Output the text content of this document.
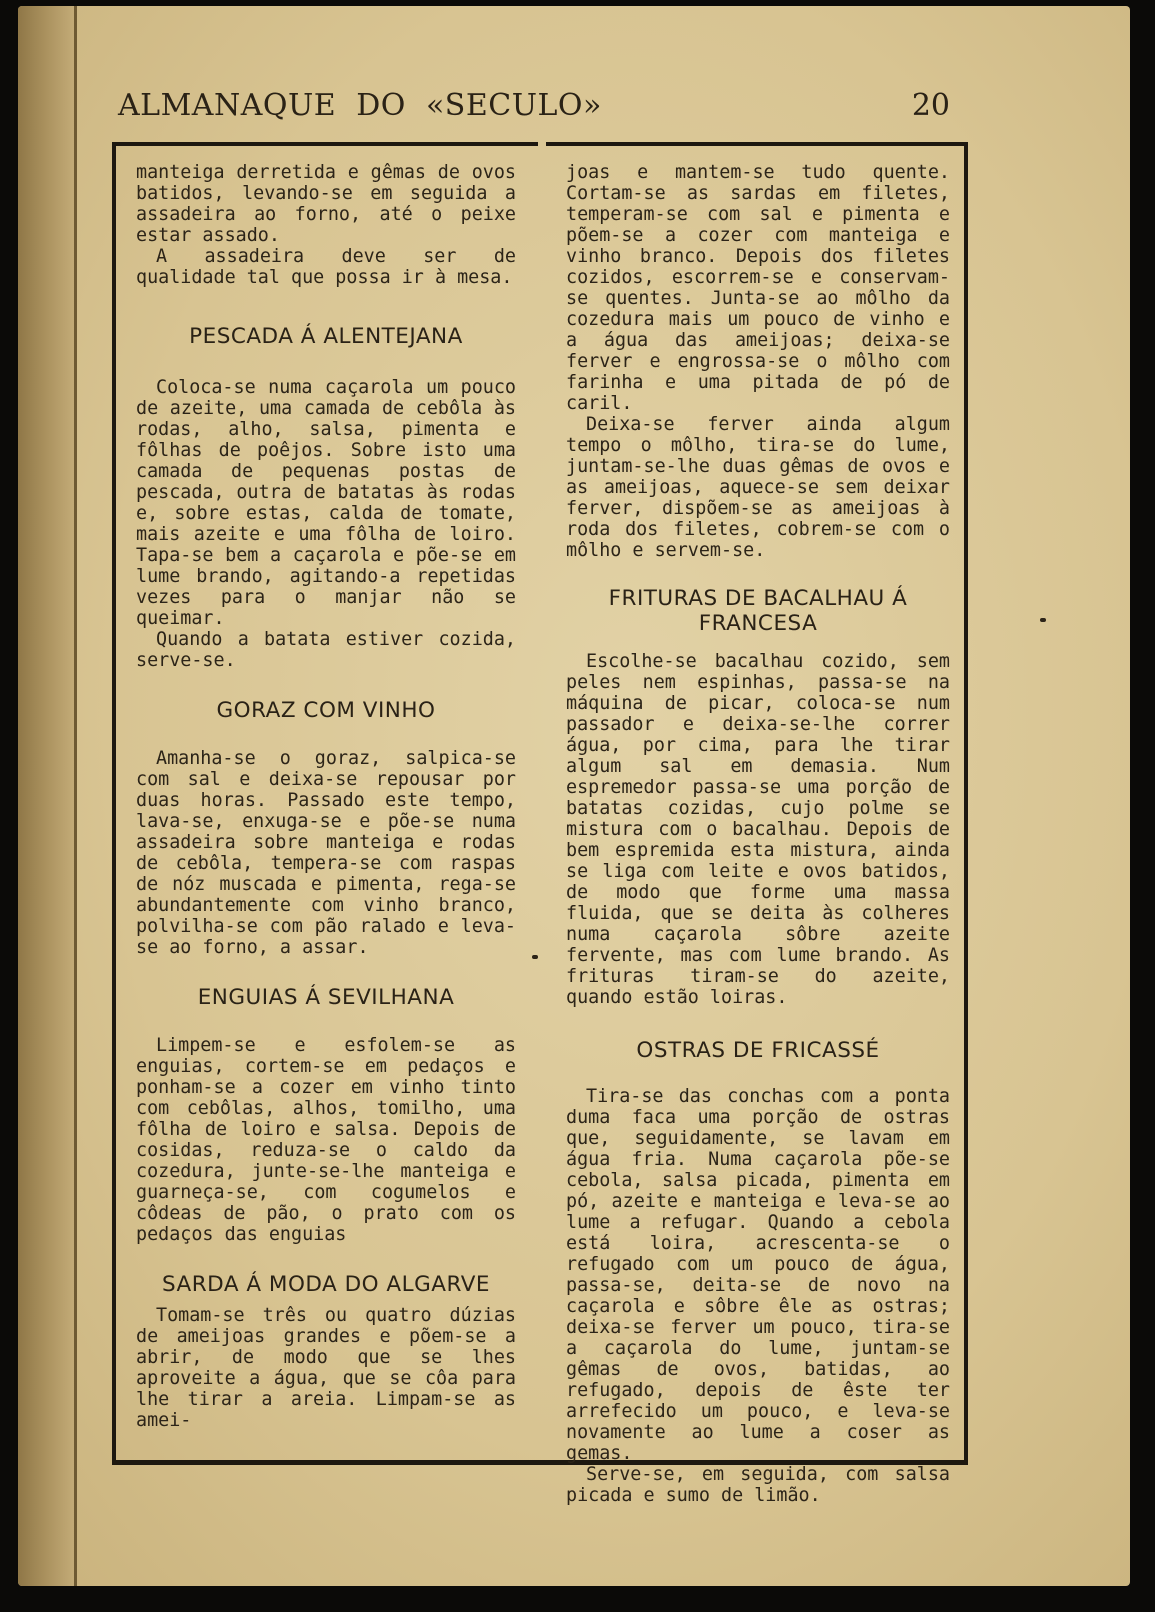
ALMANAQUE  DO  «SECULO»	20

manteiga derretida e gêmas de ovos batidos, levando-se em seguida a assadeira ao forno, até o peixe estar assado.

A assadeira deve ser de qualidade tal que possa ir à mesa.

PESCADA Á ALENTEJANA

Coloca-se numa caçarola um pouco de azeite, uma camada de cebôla às rodas, alho, salsa, pimenta e fôlhas de poêjos. Sobre isto uma camada de pequenas postas de pescada, outra de batatas às rodas e, sobre estas, calda de tomate, mais azeite e uma fôlha de loiro. Tapa-se bem a caçarola e põe-se em lume brando, agitando-a repetidas vezes para o manjar não se queimar.

Quando a batata estiver cozida, serve-se.

GORAZ COM VINHO

Amanha-se o goraz, salpica-se com sal e deixa-se repousar por duas horas. Passado este tempo, lava-se, enxuga-se e põe-se numa assadeira sobre manteiga e rodas de cebôla, tempera-se com raspas de nóz muscada e pimenta, rega-se abundantemente com vinho branco, polvilha-se com pão ralado e leva-se ao forno, a assar.

ENGUIAS Á SEVILHANA

Limpem-se e esfolem-se as enguias, cortem-se em pedaços e ponham-se a cozer em vinho tinto com cebôlas, alhos, tomilho, uma fôlha de loiro e salsa. Depois de cosidas, reduza-se o caldo da cozedura, junte-se-lhe manteiga e guarneça-se, com cogumelos e côdeas de pão, o prato com os pedaços das enguias

SARDA Á MODA DO ALGARVE

Tomam-se três ou quatro dúzias de ameijoas grandes e põem-se a abrir, de modo que se lhes aproveite a água, que se côa para lhe tirar a areia. Limpam-se as amei-

joas e mantem-se tudo quente. Cortam-se as sardas em filetes, temperam-se com sal e pimenta e põem-se a cozer com manteiga e vinho branco. Depois dos filetes cozidos, escorrem-se e conservam-se quentes. Junta-se ao môlho da cozedura mais um pouco de vinho e a água das ameijoas; deixa-se ferver e engrossa-se o môlho com farinha e uma pitada de pó de caril.

Deixa-se ferver ainda algum tempo o môlho, tira-se do lume, juntam-se-lhe duas gêmas de ovos e as ameijoas, aquece-se sem deixar ferver, dispõem-se as ameijoas à roda dos filetes, cobrem-se com o môlho e servem-se.

FRITURAS DE BACALHAU Á FRANCESA

Escolhe-se bacalhau cozido, sem peles nem espinhas, passa-se na máquina de picar, coloca-se num passador e deixa-se-lhe correr água, por cima, para lhe tirar algum sal em demasia. Num espremedor passa-se uma porção de batatas cozidas, cujo polme se mistura com o bacalhau. Depois de bem espremida esta mistura, ainda se liga com leite e ovos batidos, de modo que forme uma massa fluida, que se deita às colheres numa caçarola sôbre azeite fervente, mas com lume brando. As frituras tiram-se do azeite, quando estão loiras.

OSTRAS DE FRICASSÉ

Tira-se das conchas com a ponta duma faca uma porção de ostras que, seguidamente, se lavam em água fria. Numa caçarola põe-se cebola, salsa picada, pimenta em pó, azeite e manteiga e leva-se ao lume a refugar. Quando a cebola está loira, acrescenta-se o refugado com um pouco de água, passa-se, deita-se de novo na caçarola e sôbre êle as ostras; deixa-se ferver um pouco, tira-se a caçarola do lume, juntam-se gêmas de ovos, batidas, ao refugado, depois de êste ter arrefecido um pouco, e leva-se novamente ao lume a coser as gemas.

Serve-se, em seguida, com salsa picada e sumo de limão.
